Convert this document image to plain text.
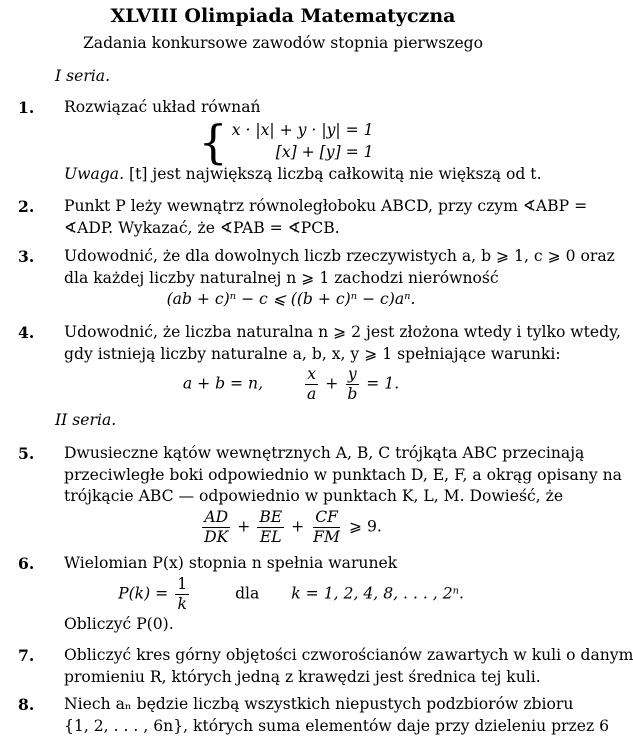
XLVIII Olimpiada Matematyczna
Zadania konkursowe zawodów stopnia pierwszego
I seria.
1. Rozwiązać układ równań
{ x · |x| + y · |y| = 1
[x] + [y] = 1
Uwaga. [t] jest największą liczbą całkowitą nie większą od t.
2. Punkt P leży wewnątrz równoległoboku ABCD, przy czym ∢ABP =
∢ADP. Wykazać, że ∢PAB = ∢PCB.
3. Udowodnić, że dla dowolnych liczb rzeczywistych a, b ⩾ 1, c ⩾ 0 oraz
dla każdej liczby naturalnej n ⩾ 1 zachodzi nierówność
(ab + c)ⁿ − c ⩽ ((b + c)ⁿ − c)aⁿ.
4. Udowodnić, że liczba naturalna n ⩾ 2 jest złożona wtedy i tylko wtedy,
gdy istnieją liczby naturalne a, b, x, y ⩾ 1 spełniające warunki:
a + b = n,	$\frac{x}{a} + \frac{y}{b} = 1$.
II seria.
5. Dwusieczne kątów wewnętrznych A, B, C trójkąta ABC przecinają
przeciwległe boki odpowiednio w punktach D, E, F, a okrąg opisany na
trójkącie ABC — odpowiednio w punktach K, L, M. Dowieść, że
$\frac{AD}{DK} + \frac{BE}{EL} + \frac{CF}{FM}$ ⩾ 9.
6. Wielomian P(x) stopnia n spełnia warunek
$P(k) = \frac{1}{k}$	dla k = 1, 2, 4, 8, . . . , 2ⁿ.
Obliczyć P(0).
7. Obliczyć kres górny objętości czworościanów zawartych w kuli o danym
promieniu R, których jedną z krawędzi jest średnica tej kuli.
8. Niech aₙ będzie liczbą wszystkich niepustych podzbiorów zbioru
{1, 2, . . . , 6n}, których suma elementów daje przy dzieleniu przez 6
